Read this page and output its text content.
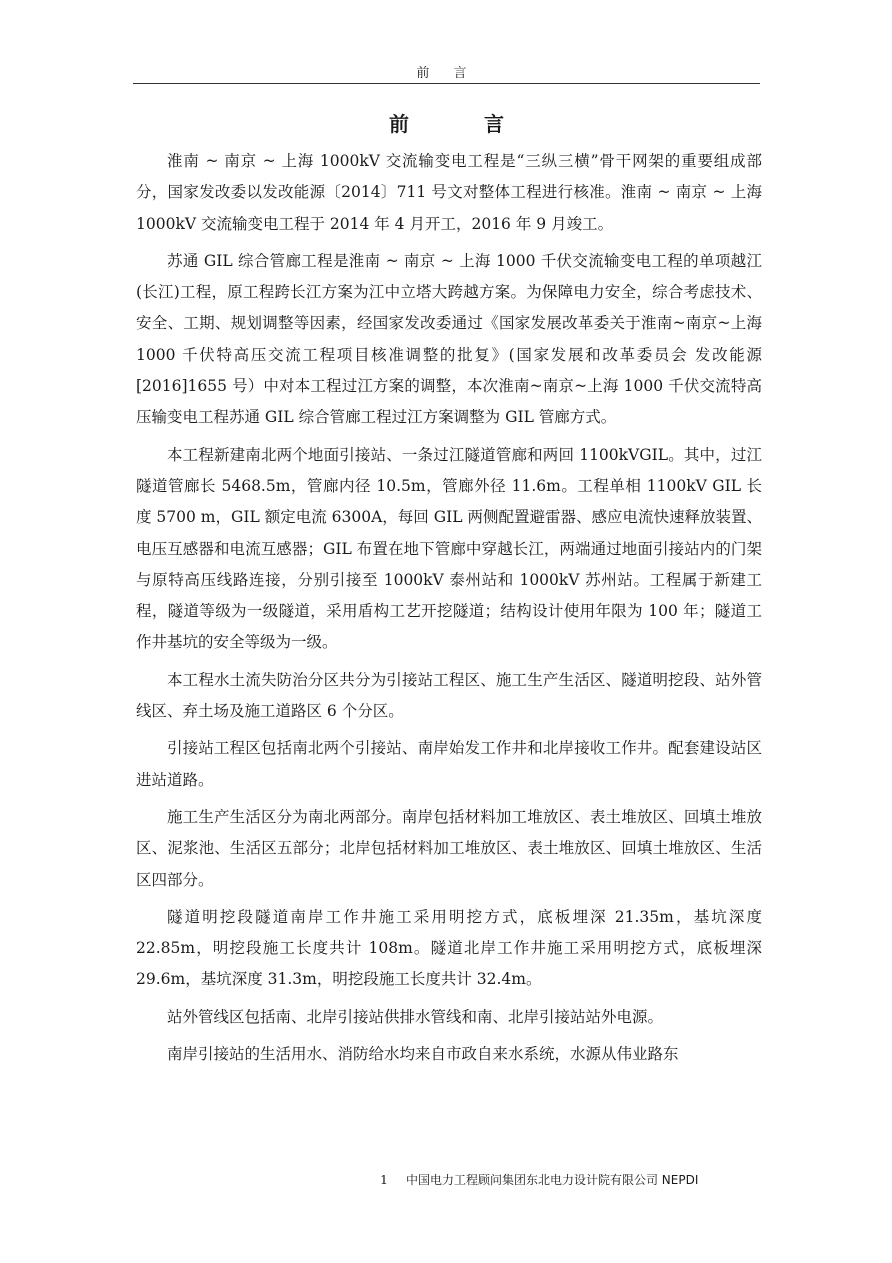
前 言
前 言

淮南 ~ 南京 ~ 上海 1000kV 交流输变电工程是“三纵三横”骨干网架的重要组成部分，国家发改委以发改能源〔2014〕711 号文对整体工程进行核准。淮南 ~ 南京 ~ 上海 1000kV 交流输变电工程于 2014 年 4 月开工，2016 年 9 月竣工。

苏通 GIL 综合管廊工程是淮南 ~ 南京 ~ 上海 1000 千伏交流输变电工程的单项越江(长江)工程，原工程跨长江方案为江中立塔大跨越方案。为保障电力安全，综合考虑技术、安全、工期、规划调整等因素，经国家发改委通过《国家发展改革委关于淮南~南京~上海 1000 千伏特高压交流工程项目核准调整的批复》(国家发展和改革委员会 发改能源[2016]1655 号）中对本工程过江方案的调整，本次淮南~南京~上海 1000 千伏交流特高压输变电工程苏通 GIL 综合管廊工程过江方案调整为 GIL 管廊方式。

本工程新建南北两个地面引接站、一条过江隧道管廊和两回 1100kVGIL。其中，过江隧道管廊长 5468.5m，管廊内径 10.5m，管廊外径 11.6m。工程单相 1100kV GIL 长度 5700 m，GIL 额定电流 6300A，每回 GIL 两侧配置避雷器、感应电流快速释放装置、电压互感器和电流互感器；GIL 布置在地下管廊中穿越长江，两端通过地面引接站内的门架与原特高压线路连接，分别引接至 1000kV 泰州站和 1000kV 苏州站。工程属于新建工程，隧道等级为一级隧道，采用盾构工艺开挖隧道；结构设计使用年限为 100 年；隧道工作井基坑的安全等级为一级。

本工程水土流失防治分区共分为引接站工程区、施工生产生活区、隧道明挖段、站外管线区、弃土场及施工道路区 6 个分区。

引接站工程区包括南北两个引接站、南岸始发工作井和北岸接收工作井。配套建设站区进站道路。

施工生产生活区分为南北两部分。南岸包括材料加工堆放区、表土堆放区、回填土堆放区、泥浆池、生活区五部分；北岸包括材料加工堆放区、表土堆放区、回填土堆放区、生活区四部分。

隧道明挖段隧道南岸工作井施工采用明挖方式，底板埋深 21.35m，基坑深度 22.85m，明挖段施工长度共计 108m。隧道北岸工作井施工采用明挖方式，底板埋深 29.6m，基坑深度 31.3m，明挖段施工长度共计 32.4m。

站外管线区包括南、北岸引接站供排水管线和南、北岸引接站站外电源。

南岸引接站的生活用水、消防给水均来自市政自来水系统，水源从伟业路东

1 中国电力工程顾问集团东北电力设计院有限公司 NEPDI
